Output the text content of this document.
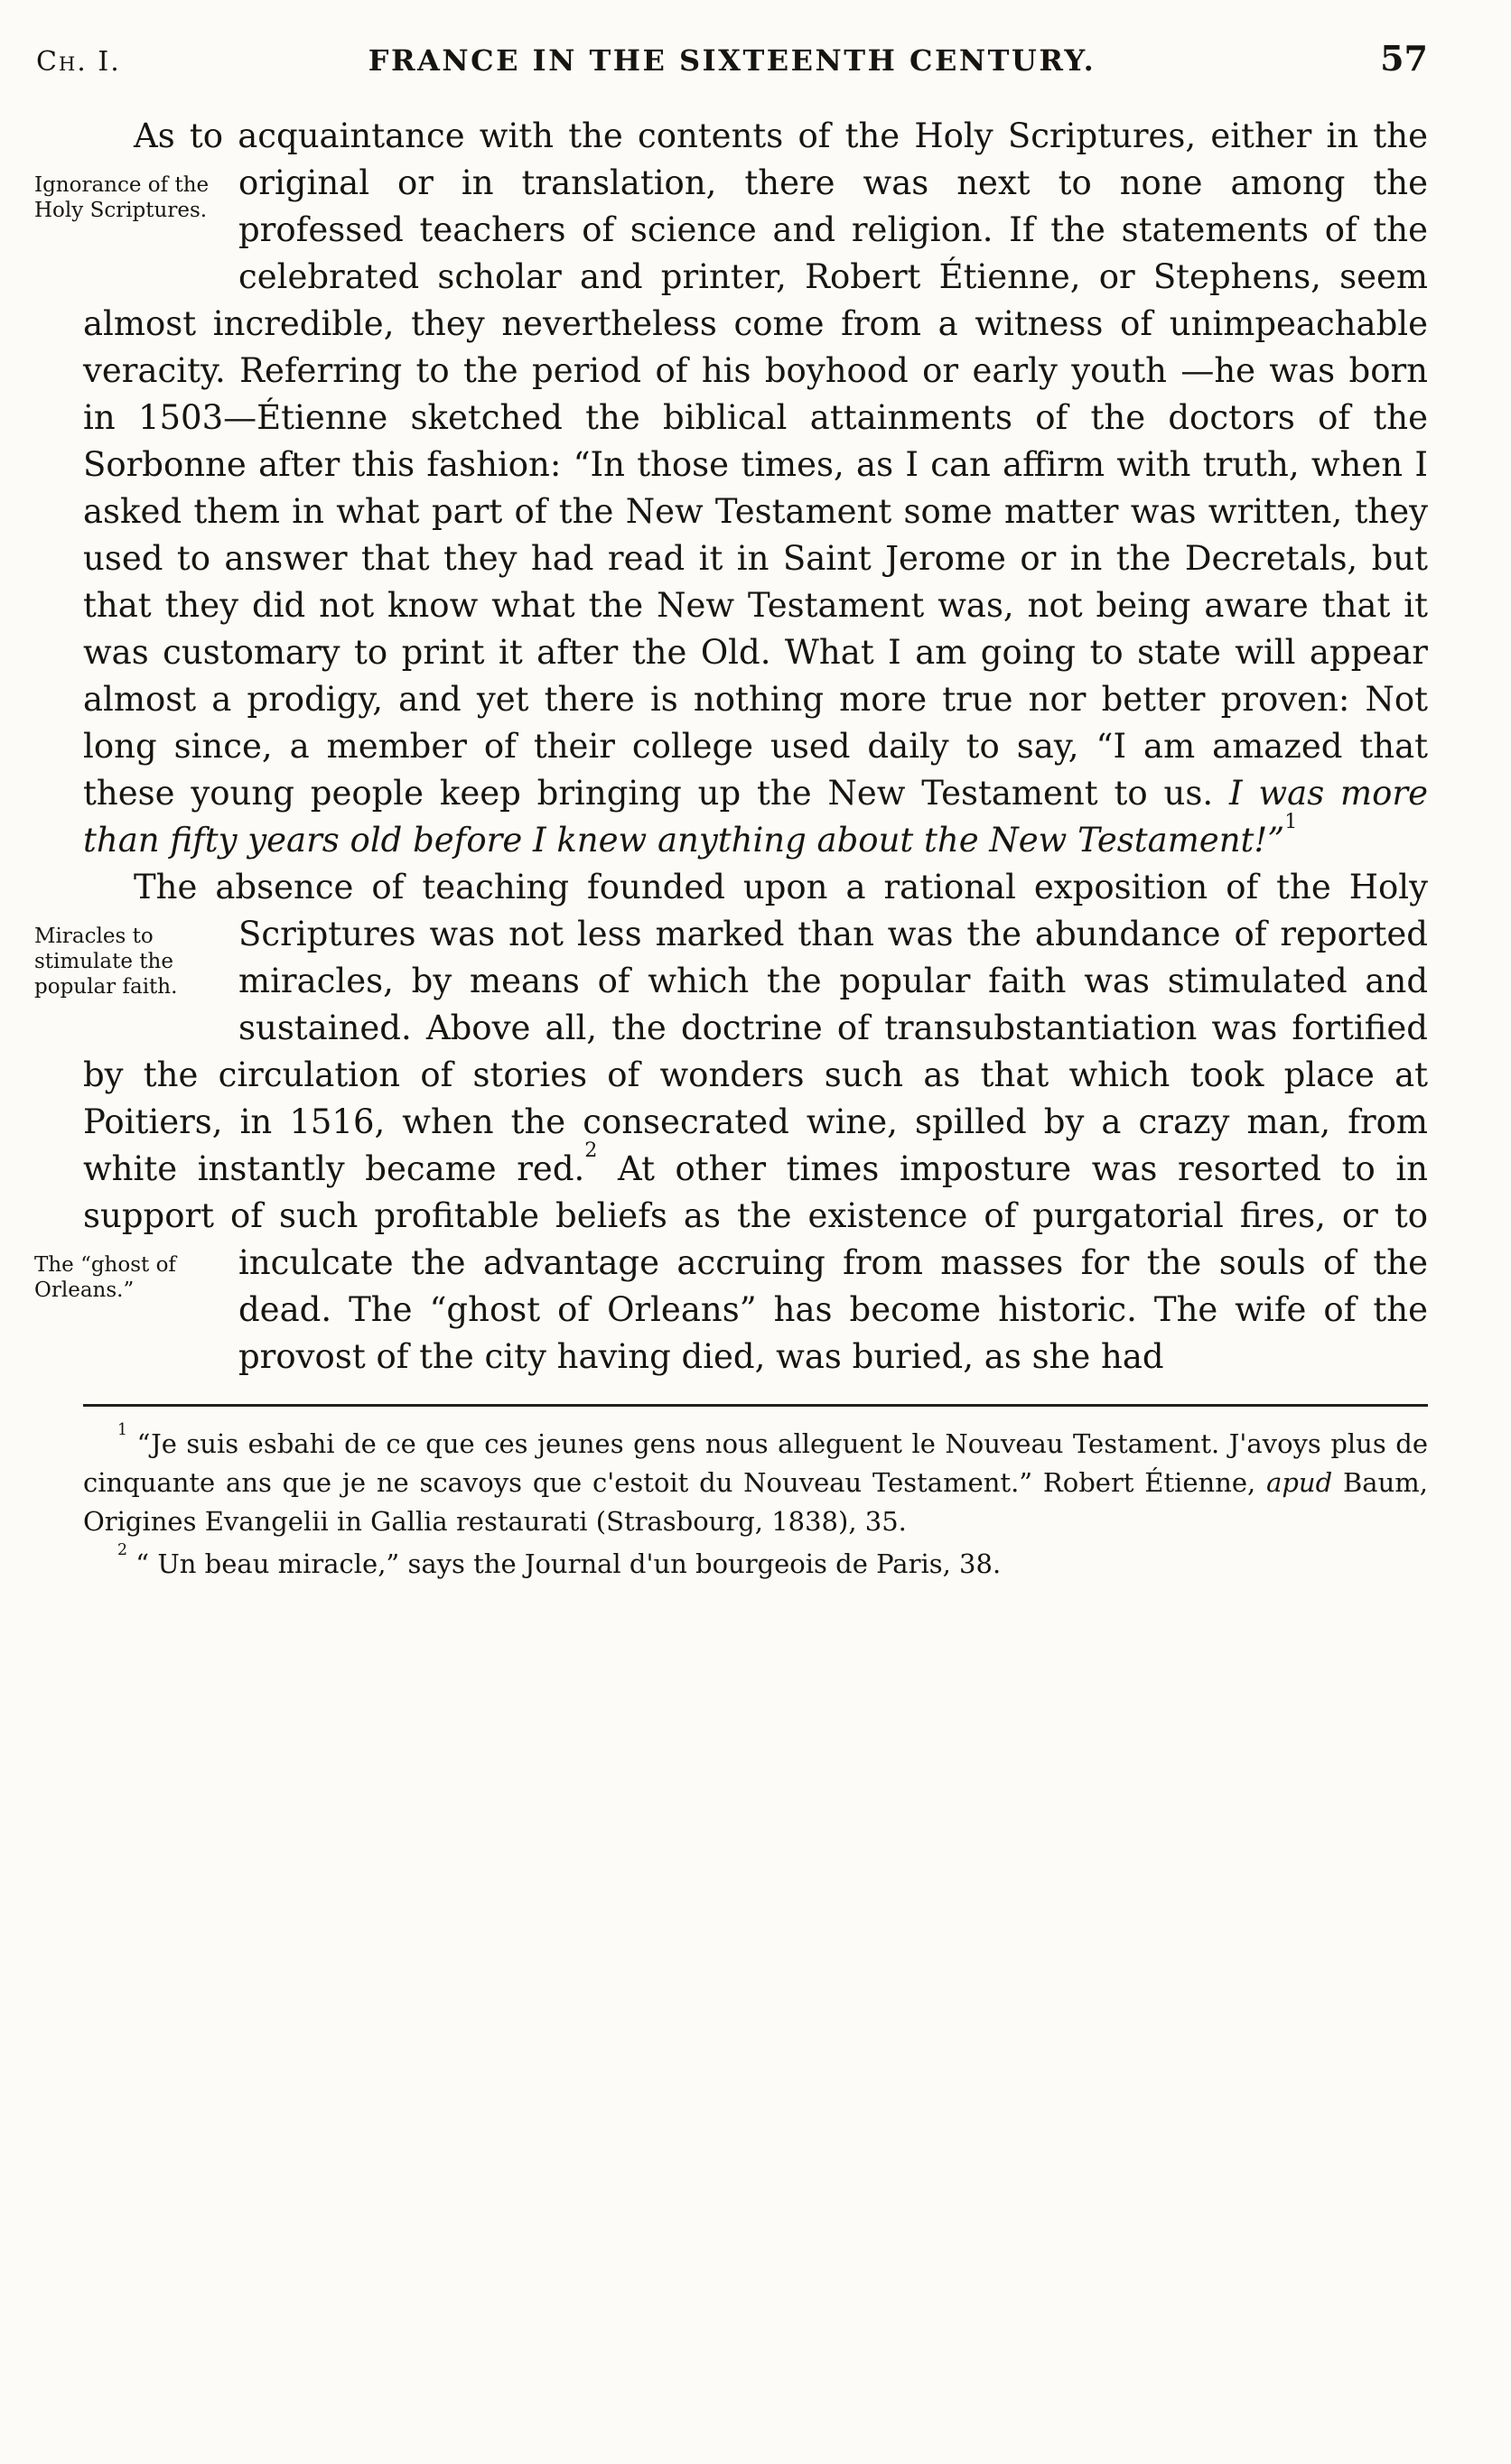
Ch. I.	FRANCE IN THE SIXTEENTH CENTURY.	57

As to acquaintance with the contents of the Holy Scriptures, either in the original or in translation, there was next to none
Ignorance of the Holy Scriptures.
among the professed teachers of science and religion. If the statements of the celebrated scholar and printer, Robert Étienne, or Stephens, seem almost incredible, they nevertheless come from a witness of unimpeachable veracity. Referring to the period of his boyhood or early youth —he was born in 1503—Étienne sketched the biblical attainments of the doctors of the Sorbonne after this fashion: “In those times, as I can affirm with truth, when I asked them in what part of the New Testament some matter was written, they used to answer that they had read it in Saint Jerome or in the Decretals, but that they did not know what the New Testament was, not being aware that it was customary to print it after the Old. What I am going to state will appear almost a prodigy, and yet there is nothing more true nor better proven: Not long since, a member of their college used daily to say, “I am amazed that these young people keep bringing up the New Testament to us. I was more than fifty years old before I knew anything about the New Testament!”$^1$

The absence of teaching founded upon a rational exposition of the Holy Scriptures was not less marked than was the abundance
Miracles to stimulate the popular faith.
of reported miracles, by means of which the popular faith was stimulated and sustained. Above all, the doctrine of transubstantiation was fortified by the circulation of stories of wonders such as that which took place at Poitiers, in 1516, when the consecrated wine, spilled by a crazy man, from white instantly became red.$^2$ At other times imposture was resorted to in support of such profitable beliefs as the existence of purgatorial fires, or to inculcate the advantage
The “ghost of Orleans.”
accruing from masses for the souls of the dead. The “ghost of Orleans” has become historic. The wife of the provost of the city having died, was buried, as she had

$^1$ “Je suis esbahi de ce que ces jeunes gens nous alleguent le Nouveau Testament. J'avoys plus de cinquante ans que je ne scavoys que c'estoit du Nouveau Testament.” Robert Étienne, apud Baum, Origines Evangelii in Gallia restaurati (Strasbourg, 1838), 35.

$^2$ “ Un beau miracle,” says the Journal d'un bourgeois de Paris, 38.
